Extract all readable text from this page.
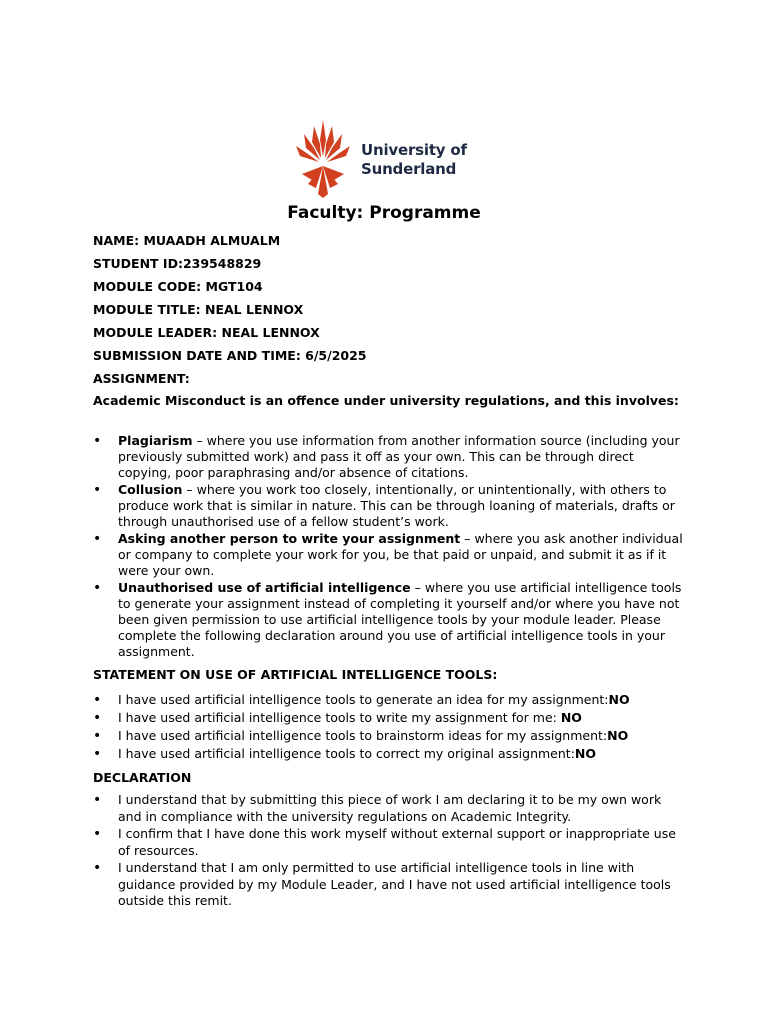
University of
Sunderland
Faculty: Programme
NAME: MUAADH ALMUALM
STUDENT ID:239548829
MODULE CODE: MGT104
MODULE TITLE: NEAL LENNOX
MODULE LEADER: NEAL LENNOX
SUBMISSION DATE AND TIME: 6/5/2025
ASSIGNMENT:
Academic Misconduct is an offence under university regulations, and this involves:
• Plagiarism – where you use information from another information source (including your previously submitted work) and pass it off as your own. This can be through direct copying, poor paraphrasing and/or absence of citations.
• Collusion – where you work too closely, intentionally, or unintentionally, with others to produce work that is similar in nature. This can be through loaning of materials, drafts or through unauthorised use of a fellow student’s work.
• Asking another person to write your assignment – where you ask another individual or company to complete your work for you, be that paid or unpaid, and submit it as if it were your own.
• Unauthorised use of artificial intelligence – where you use artificial intelligence tools to generate your assignment instead of completing it yourself and/or where you have not been given permission to use artificial intelligence tools by your module leader. Please complete the following declaration around you use of artificial intelligence tools in your assignment.
STATEMENT ON USE OF ARTIFICIAL INTELLIGENCE TOOLS:
• I have used artificial intelligence tools to generate an idea for my assignment:NO
• I have used artificial intelligence tools to write my assignment for me: NO
• I have used artificial intelligence tools to brainstorm ideas for my assignment:NO
• I have used artificial intelligence tools to correct my original assignment:NO
DECLARATION
• I understand that by submitting this piece of work I am declaring it to be my own work and in compliance with the university regulations on Academic Integrity.
• I confirm that I have done this work myself without external support or inappropriate use of resources.
• I understand that I am only permitted to use artificial intelligence tools in line with guidance provided by my Module Leader, and I have not used artificial intelligence tools outside this remit.
